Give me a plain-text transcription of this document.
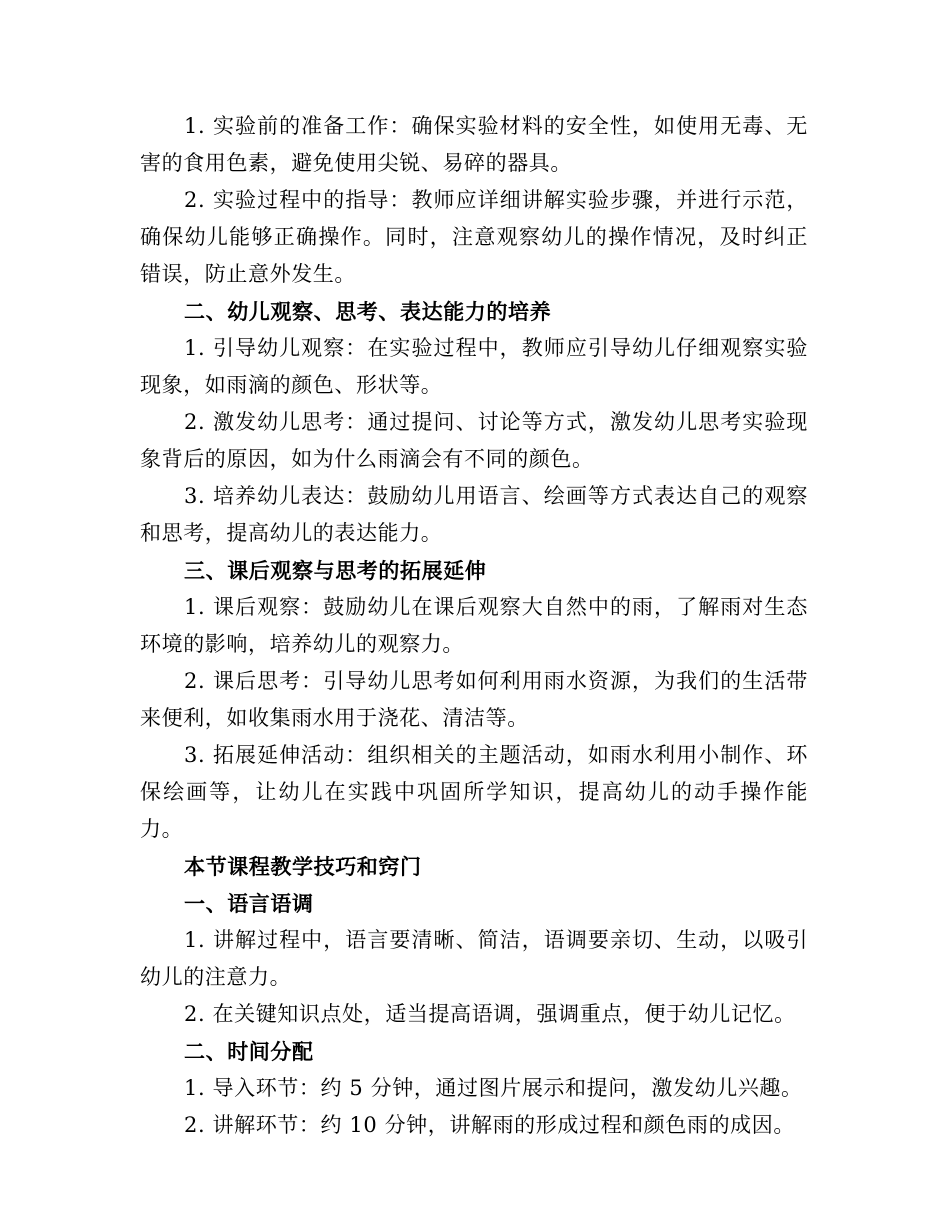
1. 实验前的准备工作：确保实验材料的安全性，如使用无毒、无害的食用色素，避免使用尖锐、易碎的器具。

2. 实验过程中的指导：教师应详细讲解实验步骤，并进行示范，确保幼儿能够正确操作。同时，注意观察幼儿的操作情况，及时纠正错误，防止意外发生。

二、幼儿观察、思考、表达能力的培养

1. 引导幼儿观察：在实验过程中，教师应引导幼儿仔细观察实验现象，如雨滴的颜色、形状等。

2. 激发幼儿思考：通过提问、讨论等方式，激发幼儿思考实验现象背后的原因，如为什么雨滴会有不同的颜色。

3. 培养幼儿表达：鼓励幼儿用语言、绘画等方式表达自己的观察和思考，提高幼儿的表达能力。

三、课后观察与思考的拓展延伸

1. 课后观察：鼓励幼儿在课后观察大自然中的雨，了解雨对生态环境的影响，培养幼儿的观察力。

2. 课后思考：引导幼儿思考如何利用雨水资源，为我们的生活带来便利，如收集雨水用于浇花、清洁等。

3. 拓展延伸活动：组织相关的主题活动，如雨水利用小制作、环保绘画等，让幼儿在实践中巩固所学知识，提高幼儿的动手操作能力。

本节课程教学技巧和窍门

一、语言语调

1. 讲解过程中，语言要清晰、简洁，语调要亲切、生动，以吸引幼儿的注意力。

2. 在关键知识点处，适当提高语调，强调重点，便于幼儿记忆。

二、时间分配

1. 导入环节：约 5 分钟，通过图片展示和提问，激发幼儿兴趣。

2. 讲解环节：约 10 分钟，讲解雨的形成过程和颜色雨的成因。
